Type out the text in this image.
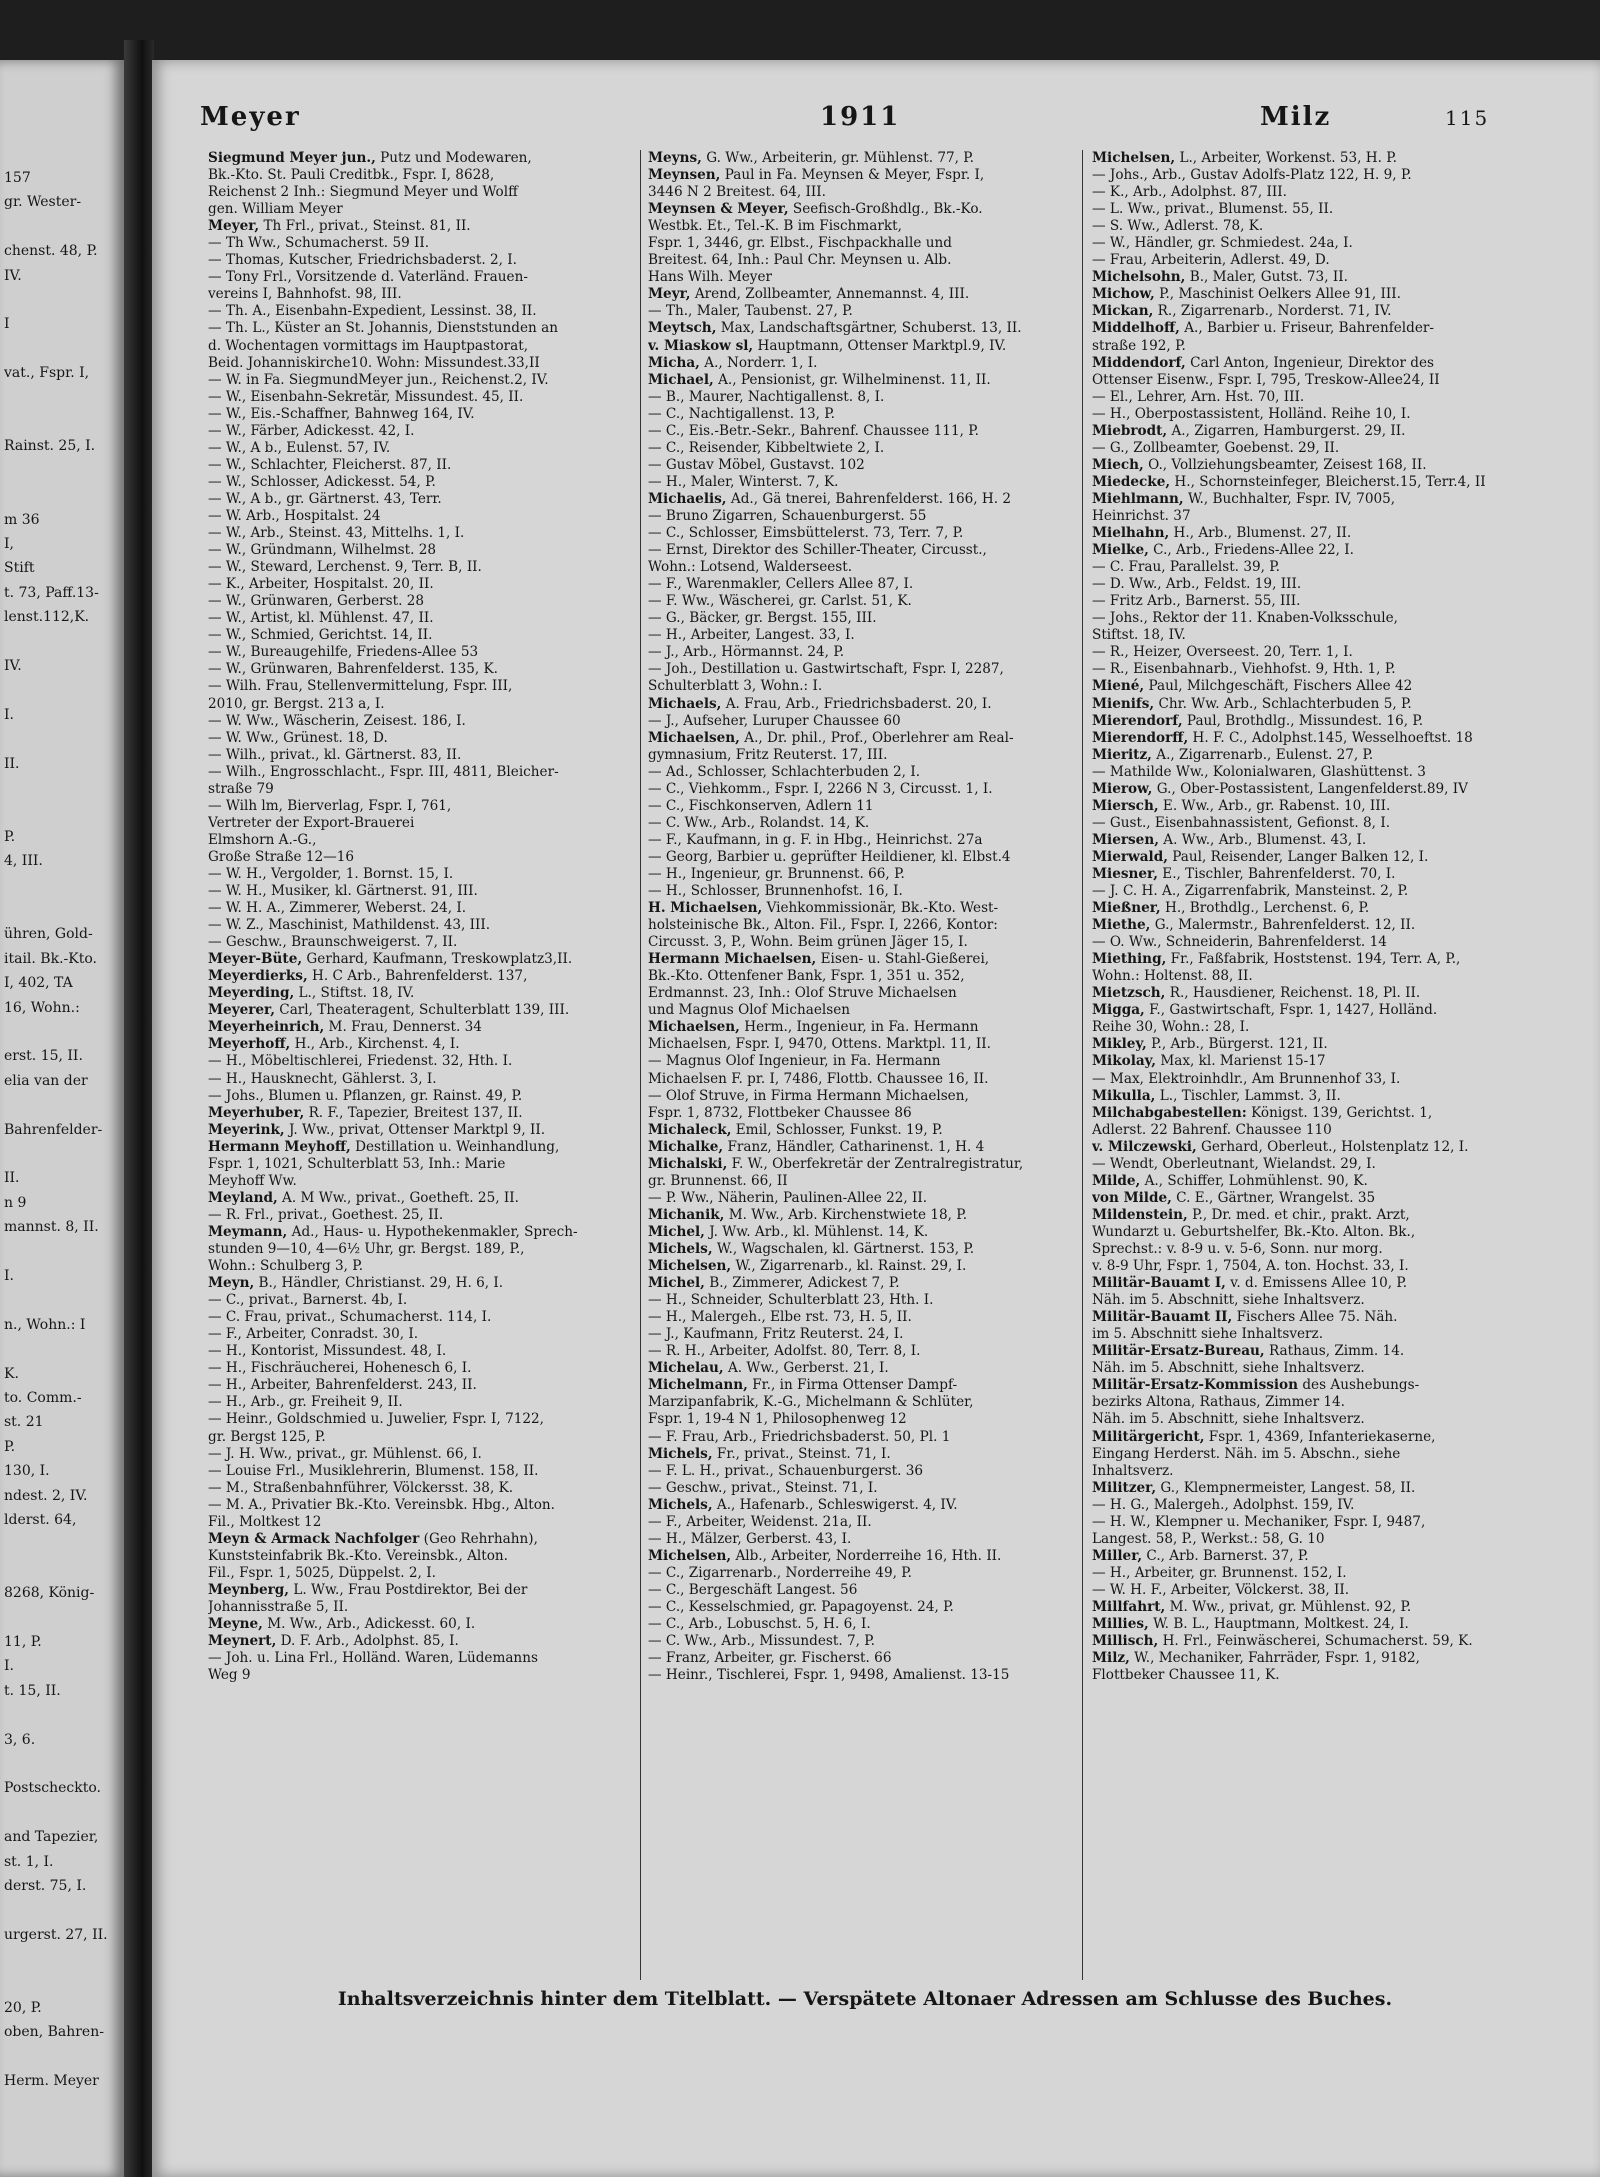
157
gr. Wester-
chenst. 48, P.
IV.
I
vat., Fspr. I,
Rainst. 25, I.
m 36
I,
Stift
t. 73, Paff.13-
lenst.112,K.
IV.
I.
II.
P.
4, III.
ühren, Gold-
itail. Bk.-Kto.
I, 402, TA
16, Wohn.:
erst. 15, II.
elia van der
Bahrenfelder-
II.
n 9
mannst. 8, II.
I.
n., Wohn.: I
K.
to. Comm.-
st. 21
P.
130, I.
ndest. 2, IV.
lderst. 64,
8268, König-
11, P.
I.
t. 15, II.
3, 6.
Postscheckto.
and Tapezier,
st. 1, I.
derst. 75, I.
urgerst. 27, II.
20, P.
oben, Bahren-
Herm. Meyer
Meyer	1911	Milz	115
Siegmund Meyer jun., Putz und Modewaren,
Bk.-Kto. St. Pauli Creditbk., Fspr. I, 8628,
Reichenst 2 Inh.: Siegmund Meyer und Wolff
gen. William Meyer
Meyer, Th Frl., privat., Steinst. 81, II.
— Th Ww., Schumacherst. 59 II.
— Thomas, Kutscher, Friedrichsbaderst. 2, I.
— Tony Frl., Vorsitzende d. Vaterländ. Frauen-
vereins I, Bahnhofst. 98, III.
— Th. A., Eisenbahn-Expedient, Lessinst. 38, II.
— Th. L., Küster an St. Johannis, Dienststunden an
d. Wochentagen vormittags im Hauptpastorat,
Beid. Johanniskirche10. Wohn: Missundest.33,II
— W. in Fa. SiegmundMeyer jun., Reichenst.2, IV.
— W., Eisenbahn-Sekretär, Missundest. 45, II.
— W., Eis.-Schaffner, Bahnweg 164, IV.
— W., Färber, Adickesst. 42, I.
— W., A b., Eulenst. 57, IV.
— W., Schlachter, Fleicherst. 87, II.
— W., Schlosser, Adickesst. 54, P.
— W., A b., gr. Gärtnerst. 43, Terr.
— W. Arb., Hospitalst. 24
— W., Arb., Steinst. 43, Mittelhs. 1, I.
— W., Gründmann, Wilhelmst. 28
— W., Steward, Lerchenst. 9, Terr. B, II.
— K., Arbeiter, Hospitalst. 20, II.
— W., Grünwaren, Gerberst. 28
— W., Artist, kl. Mühlenst. 47, II.
— W., Schmied, Gerichtst. 14, II.
— W., Bureaugehilfe, Friedens-Allee 53
— W., Grünwaren, Bahrenfelderst. 135, K.
— Wilh. Frau, Stellenvermittelung, Fspr. III,
2010, gr. Bergst. 213 a, I.
— W. Ww., Wäscherin, Zeisest. 186, I.
— W. Ww., Grünest. 18, D.
— Wilh., privat., kl. Gärtnerst. 83, II.
— Wilh., Engrosschlacht., Fspr. III, 4811, Bleicher-
straße 79
— Wilh lm, Bierverlag, Fspr. I, 761,
Vertreter der Export-Brauerei
Elmshorn A.-G.,
Große Straße 12—16
— W. H., Vergolder, 1. Bornst. 15, I.
— W. H., Musiker, kl. Gärtnerst. 91, III.
— W. H. A., Zimmerer, Weberst. 24, I.
— W. Z., Maschinist, Mathildenst. 43, III.
— Geschw., Braunschweigerst. 7, II.
Meyer-Büte, Gerhard, Kaufmann, Treskowplatz3,II.
Meyerdierks, H. C Arb., Bahrenfelderst. 137,
Meyerding, L., Stiftst. 18, IV.
Meyerer, Carl, Theateragent, Schulterblatt 139, III.
Meyerheinrich, M. Frau, Dennerst. 34
Meyerhoff, H., Arb., Kirchenst. 4, I.
— H., Möbeltischlerei, Friedenst. 32, Hth. I.
— H., Hausknecht, Gählerst. 3, I.
— Johs., Blumen u. Pflanzen, gr. Rainst. 49, P.
Meyerhuber, R. F., Tapezier, Breitest 137, II.
Meyerink, J. Ww., privat, Ottenser Marktpl 9, II.
Hermann Meyhoff, Destillation u. Weinhandlung,
Fspr. 1, 1021, Schulterblatt 53, Inh.: Marie
Meyhoff Ww.
Meyland, A. M Ww., privat., Goetheft. 25, II.
— R. Frl., privat., Goethest. 25, II.
Meymann, Ad., Haus- u. Hypothekenmakler, Sprech-
stunden 9—10, 4—6½ Uhr, gr. Bergst. 189, P.,
Wohn.: Schulberg 3, P.
Meyn, B., Händler, Christianst. 29, H. 6, I.
— C., privat., Barnerst. 4b, I.
— C. Frau, privat., Schumacherst. 114, I.
— F., Arbeiter, Conradst. 30, I.
— H., Kontorist, Missundest. 48, I.
— H., Fischräucherei, Hohenesch 6, I.
— H., Arbeiter, Bahrenfelderst. 243, II.
— H., Arb., gr. Freiheit 9, II.
— Heinr., Goldschmied u. Juwelier, Fspr. I, 7122,
gr. Bergst 125, P.
— J. H. Ww., privat., gr. Mühlenst. 66, I.
— Louise Frl., Musiklehrerin, Blumenst. 158, II.
— M., Straßenbahnführer, Völckersst. 38, K.
— M. A., Privatier Bk.-Kto. Vereinsbk. Hbg., Alton.
Fil., Moltkest 12
Meyn & Armack Nachfolger (Geo Rehrhahn),
Kunststeinfabrik Bk.-Kto. Vereinsbk., Alton.
Fil., Fspr. 1, 5025, Düppelst. 2, I.
Meynberg, L. Ww., Frau Postdirektor, Bei der
Johannisstraße 5, II.
Meyne, M. Ww., Arb., Adickesst. 60, I.
Meynert, D. F. Arb., Adolphst. 85, I.
— Joh. u. Lina Frl., Holländ. Waren, Lüdemanns
Weg 9
Meyns, G. Ww., Arbeiterin, gr. Mühlenst. 77, P.
Meynsen, Paul in Fa. Meynsen & Meyer, Fspr. I,
3446 N 2 Breitest. 64, III.
Meynsen & Meyer, Seefisch-Großhdlg., Bk.-Ko.
Westbk. Et., Tel.-K. B im Fischmarkt,
Fspr. 1, 3446, gr. Elbst., Fischpackhalle und
Breitest. 64, Inh.: Paul Chr. Meynsen u. Alb.
Hans Wilh. Meyer
Meyr, Arend, Zollbeamter, Annemannst. 4, III.
— Th., Maler, Taubenst. 27, P.
Meytsch, Max, Landschaftsgärtner, Schuberst. 13, II.
v. Miaskow sl, Hauptmann, Ottenser Marktpl.9, IV.
Micha, A., Norderr. 1, I.
Michael, A., Pensionist, gr. Wilhelminenst. 11, II.
— B., Maurer, Nachtigallenst. 8, I.
— C., Nachtigallenst. 13, P.
— C., Eis.-Betr.-Sekr., Bahrenf. Chaussee 111, P.
— C., Reisender, Kibbeltwiete 2, I.
— Gustav Möbel, Gustavst. 102
— H., Maler, Winterst. 7, K.
Michaelis, Ad., Gä tnerei, Bahrenfelderst. 166, H. 2
— Bruno Zigarren, Schauenburgerst. 55
— C., Schlosser, Eimsbüttelerst. 73, Terr. 7, P.
— Ernst, Direktor des Schiller-Theater, Circusst.,
Wohn.: Lotsend, Walderseest.
— F., Warenmakler, Cellers Allee 87, I.
— F. Ww., Wäscherei, gr. Carlst. 51, K.
— G., Bäcker, gr. Bergst. 155, III.
— H., Arbeiter, Langest. 33, I.
— J., Arb., Hörmannst. 24, P.
— Joh., Destillation u. Gastwirtschaft, Fspr. I, 2287,
Schulterblatt 3, Wohn.: I.
Michaels, A. Frau, Arb., Friedrichsbaderst. 20, I.
— J., Aufseher, Luruper Chaussee 60
Michaelsen, A., Dr. phil., Prof., Oberlehrer am Real-
gymnasium, Fritz Reuterst. 17, III.
— Ad., Schlosser, Schlachterbuden 2, I.
— C., Viehkomm., Fspr. I, 2266 N 3, Circusst. 1, I.
— C., Fischkonserven, Adlern 11
— C. Ww., Arb., Rolandst. 14, K.
— F., Kaufmann, in g. F. in Hbg., Heinrichst. 27a
— Georg, Barbier u. geprüfter Heildiener, kl. Elbst.4
— H., Ingenieur, gr. Brunnenst. 66, P.
— H., Schlosser, Brunnenhofst. 16, I.
H. Michaelsen, Viehkommissionär, Bk.-Kto. West-
holsteinische Bk., Alton. Fil., Fspr. I, 2266, Kontor:
Circusst. 3, P., Wohn. Beim grünen Jäger 15, I.
Hermann Michaelsen, Eisen- u. Stahl-Gießerei,
Bk.-Kto. Ottenfener Bank, Fspr. 1, 351 u. 352,
Erdmannst. 23, Inh.: Olof Struve Michaelsen
und Magnus Olof Michaelsen
Michaelsen, Herm., Ingenieur, in Fa. Hermann
Michaelsen, Fspr. I, 9470, Ottens. Marktpl. 11, II.
— Magnus Olof Ingenieur, in Fa. Hermann
Michaelsen F. pr. I, 7486, Flottb. Chaussee 16, II.
— Olof Struve, in Firma Hermann Michaelsen,
Fspr. 1, 8732, Flottbeker Chaussee 86
Michaleck, Emil, Schlosser, Funkst. 19, P.
Michalke, Franz, Händler, Catharinenst. 1, H. 4
Michalski, F. W., Oberfekretär der Zentralregistratur,
gr. Brunnenst. 66, II
— P. Ww., Näherin, Paulinen-Allee 22, II.
Michanik, M. Ww., Arb. Kirchenstwiete 18, P.
Michel, J. Ww. Arb., kl. Mühlenst. 14, K.
Michels, W., Wagschalen, kl. Gärtnerst. 153, P.
Michelsen, W., Zigarrenarb., kl. Rainst. 29, I.
Michel, B., Zimmerer, Adickest 7, P.
— H., Schneider, Schulterblatt 23, Hth. I.
— H., Malergeh., Elbe rst. 73, H. 5, II.
— J., Kaufmann, Fritz Reuterst. 24, I.
— R. H., Arbeiter, Adolfst. 80, Terr. 8, I.
Michelau, A. Ww., Gerberst. 21, I.
Michelmann, Fr., in Firma Ottenser Dampf-
Marzipanfabrik, K.-G., Michelmann & Schlüter,
Fspr. 1, 19-4 N 1, Philosophenweg 12
— F. Frau, Arb., Friedrichsbaderst. 50, Pl. 1
Michels, Fr., privat., Steinst. 71, I.
— F. L. H., privat., Schauenburgerst. 36
— Geschw., privat., Steinst. 71, I.
Michels, A., Hafenarb., Schleswigerst. 4, IV.
— F., Arbeiter, Weidenst. 21a, II.
— H., Mälzer, Gerberst. 43, I.
Michelsen, Alb., Arbeiter, Norderreihe 16, Hth. II.
— C., Zigarrenarb., Norderreihe 49, P.
— C., Bergeschäft Langest. 56
— C., Kesselschmied, gr. Papagoyenst. 24, P.
— C., Arb., Lobuschst. 5, H. 6, I.
— C. Ww., Arb., Missundest. 7, P.
— Franz, Arbeiter, gr. Fischerst. 66
— Heinr., Tischlerei, Fspr. 1, 9498, Amalienst. 13-15
Michelsen, L., Arbeiter, Workenst. 53, H. P.
— Johs., Arb., Gustav Adolfs-Platz 122, H. 9, P.
— K., Arb., Adolphst. 87, III.
— L. Ww., privat., Blumenst. 55, II.
— S. Ww., Adlerst. 78, K.
— W., Händler, gr. Schmiedest. 24a, I.
— Frau, Arbeiterin, Adlerst. 49, D.
Michelsohn, B., Maler, Gutst. 73, II.
Michow, P., Maschinist Oelkers Allee 91, III.
Mickan, R., Zigarrenarb., Norderst. 71, IV.
Middelhoff, A., Barbier u. Friseur, Bahrenfelder-
straße 192, P.
Middendorf, Carl Anton, Ingenieur, Direktor des
Ottenser Eisenw., Fspr. I, 795, Treskow-Allee24, II
— El., Lehrer, Arn. Hst. 70, III.
— H., Oberpostassistent, Holländ. Reihe 10, I.
Miebrodt, A., Zigarren, Hamburgerst. 29, II.
— G., Zollbeamter, Goebenst. 29, II.
Miech, O., Vollziehungsbeamter, Zeisest 168, II.
Miedecke, H., Schornsteinfeger, Bleicherst.15, Terr.4, II
Miehlmann, W., Buchhalter, Fspr. IV, 7005,
Heinrichst. 37
Mielhahn, H., Arb., Blumenst. 27, II.
Mielke, C., Arb., Friedens-Allee 22, I.
— C. Frau, Parallelst. 39, P.
— D. Ww., Arb., Feldst. 19, III.
— Fritz Arb., Barnerst. 55, III.
— Johs., Rektor der 11. Knaben-Volksschule,
Stiftst. 18, IV.
— R., Heizer, Overseest. 20, Terr. 1, I.
— R., Eisenbahnarb., Viehhofst. 9, Hth. 1, P.
Miené, Paul, Milchgeschäft, Fischers Allee 42
Mienifs, Chr. Ww. Arb., Schlachterbuden 5, P.
Mierendorf, Paul, Brothdlg., Missundest. 16, P.
Mierendorff, H. F. C., Adolphst.145, Wesselhoeftst. 18
Mieritz, A., Zigarrenarb., Eulenst. 27, P.
— Mathilde Ww., Kolonialwaren, Glashüttenst. 3
Mierow, G., Ober-Postassistent, Langenfelderst.89, IV
Miersch, E. Ww., Arb., gr. Rabenst. 10, III.
— Gust., Eisenbahnassistent, Gefionst. 8, I.
Miersen, A. Ww., Arb., Blumenst. 43, I.
Mierwald, Paul, Reisender, Langer Balken 12, I.
Miesner, E., Tischler, Bahrenfelderst. 70, I.
— J. C. H. A., Zigarrenfabrik, Mansteinst. 2, P.
Mießner, H., Brothdlg., Lerchenst. 6, P.
Miethe, G., Malermstr., Bahrenfelderst. 12, II.
— O. Ww., Schneiderin, Bahrenfelderst. 14
Miething, Fr., Faßfabrik, Hoststenst. 194, Terr. A, P.,
Wohn.: Holtenst. 88, II.
Mietzsch, R., Hausdiener, Reichenst. 18, Pl. II.
Migga, F., Gastwirtschaft, Fspr. 1, 1427, Holländ.
Reihe 30, Wohn.: 28, I.
Mikley, P., Arb., Bürgerst. 121, II.
Mikolay, Max, kl. Marienst 15-17
— Max, Elektroinhdlr., Am Brunnenhof 33, I.
Mikulla, L., Tischler, Lammst. 3, II.
Milchabgabestellen: Königst. 139, Gerichtst. 1,
Adlerst. 22 Bahrenf. Chaussee 110
v. Milczewski, Gerhard, Oberleut., Holstenplatz 12, I.
— Wendt, Oberleutnant, Wielandst. 29, I.
Milde, A., Schiffer, Lohmühlenst. 90, K.
von Milde, C. E., Gärtner, Wrangelst. 35
Mildenstein, P., Dr. med. et chir., prakt. Arzt,
Wundarzt u. Geburtshelfer, Bk.-Kto. Alton. Bk.,
Sprechst.: v. 8-9 u. v. 5-6, Sonn. nur morg.
v. 8-9 Uhr, Fspr. 1, 7504, A. ton. Hochst. 33, I.
Militär-Bauamt I, v. d. Emissens Allee 10, P.
Näh. im 5. Abschnitt, siehe Inhaltsverz.
Militär-Bauamt II, Fischers Allee 75. Näh.
im 5. Abschnitt siehe Inhaltsverz.
Militär-Ersatz-Bureau, Rathaus, Zimm. 14.
Näh. im 5. Abschnitt, siehe Inhaltsverz.
Militär-Ersatz-Kommission des Aushebungs-
bezirks Altona, Rathaus, Zimmer 14.
Näh. im 5. Abschnitt, siehe Inhaltsverz.
Militärgericht, Fspr. 1, 4369, Infanteriekaserne,
Eingang Herderst. Näh. im 5. Abschn., siehe
Inhaltsverz.
Militzer, G., Klempnermeister, Langest. 58, II.
— H. G., Malergeh., Adolphst. 159, IV.
— H. W., Klempner u. Mechaniker, Fspr. I, 9487,
Langest. 58, P., Werkst.: 58, G. 10
Miller, C., Arb. Barnerst. 37, P.
— H., Arbeiter, gr. Brunnenst. 152, I.
— W. H. F., Arbeiter, Völckerst. 38, II.
Millfahrt, M. Ww., privat, gr. Mühlenst. 92, P.
Millies, W. B. L., Hauptmann, Moltkest. 24, I.
Millisch, H. Frl., Feinwäscherei, Schumacherst. 59, K.
Milz, W., Mechaniker, Fahrräder, Fspr. 1, 9182,
Flottbeker Chaussee 11, K.
Inhaltsverzeichnis hinter dem Titelblatt. — Verspätete Altonaer Adressen am Schlusse des Buches.
